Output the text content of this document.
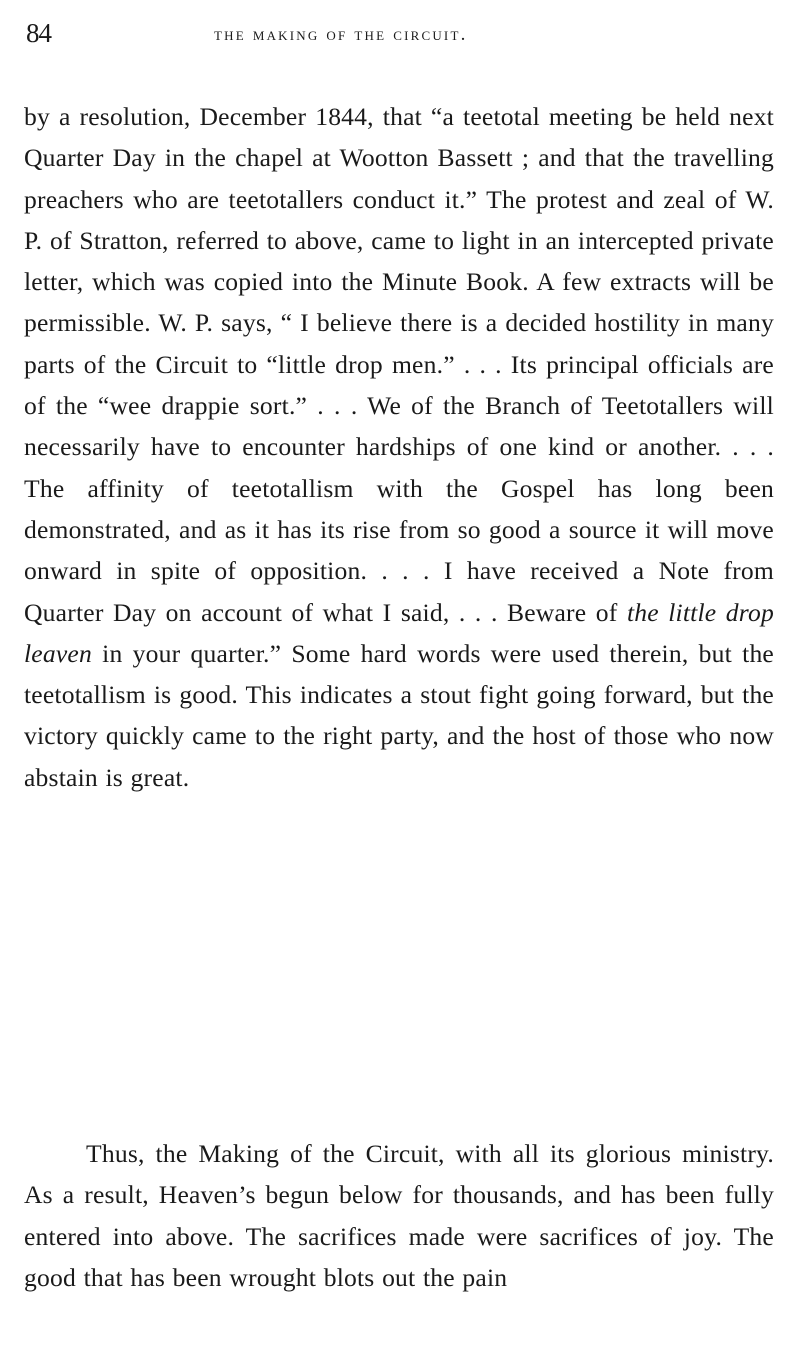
84	the making of the circuit.

by a resolution, December 1844, that “a teetotal meeting be held next Quarter Day in the chapel at Wootton Bassett ; and that the travelling preachers who are teetotallers conduct it.” The protest and zeal of W. P. of Stratton, referred to above, came to light in an intercepted private letter, which was copied into the Minute Book. A few extracts will be permissible. W. P. says, “ I believe there is a decided hostility in many parts of the Circuit to “little drop men.” . . . Its principal officials are of the “wee drappie sort.” . . . We of the Branch of Teetotallers will necessarily have to encounter hardships of one kind or another. . . . The affinity of teetotallism with the Gospel has long been demonstrated, and as it has its rise from so good a source it will move onward in spite of opposition. . . . I have received a Note from Quarter Day on account of what I said, . . . Beware of the little drop leaven in your quarter.” Some hard words were used therein, but the teetotallism is good. This indicates a stout fight going forward, but the victory quickly came to the right party, and the host of those who now abstain is great.

Thus, the Making of the Circuit, with all its glorious ministry. As a result, Heaven’s begun below for thousands, and has been fully entered into above. The sacrifices made were sacrifices of joy. The good that has been wrought blots out the pain
